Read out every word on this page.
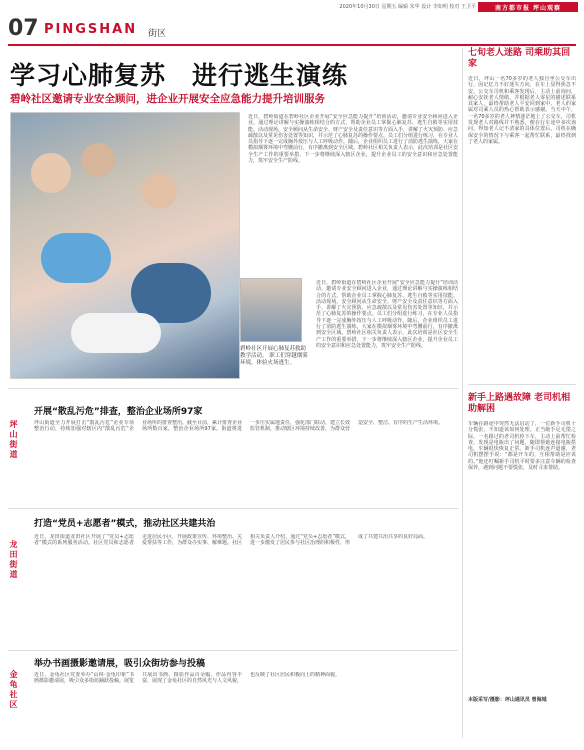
2020年10月30日 星期五 编辑 朱华 设计 李如明 校对 王卫平	南方都市报 坪山观察
07 PINGSHAN 街区
学习心肺复苏　进行逃生演练
碧岭社区邀请专业安全顾问，进企业开展安全应急能力提升培训服务
近日，碧岭街道在碧岭社区企业开展“安全应急能力提升”培训活动，邀请专业安全顾问进入企业，通过理论讲解与实操演练相结合的方式，帮助企业员工掌握心肺复苏、逃生自救等实用技能。活动现场，安全顾问从生命安全、财产安全及责任意识等方面入手，讲解了火灾预防、应急疏散以及常见伤害处置等知识，并示范了心肺复苏的操作要点。员工们分组进行练习，在专业人员指导下逐一完成胸外按压与人工呼吸动作。随后，企业组织员工进行了消防逃生演练，大家在模拟烟雾环境中弯腰前行，有序撤离到安全区域。碧岭社区相关负责人表示，此次培训是社区安全生产工作的重要举措，下一步将继续深入辖区企业，提升企业员工的安全意识和应急处置能力，筑牢安全生产防线。
近日，碧岭街道在碧岭社区企业开展“安全应急能力提升”培训活动，邀请专业安全顾问进入企业，通过理论讲解与实操演练相结合的方式，帮助企业员工掌握心肺复苏、逃生自救等实用技能。活动现场，安全顾问从生命安全、财产安全及责任意识等方面入手，讲解了火灾预防、应急疏散以及常见伤害处置等知识，并示范了心肺复苏的操作要点。员工们分组进行练习，在专业人员指导下逐一完成胸外按压与人工呼吸动作。随后，企业组织员工进行了消防逃生演练，大家在模拟烟雾环境中弯腰前行，有序撤离到安全区域。碧岭社区相关负责人表示，此次培训是社区安全生产工作的重要举措，下一步将继续深入辖区企业，提升企业员工的安全意识和应急处置能力，筑牢安全生产防线。
碧岭社区开展心肺复苏救助教学活动。 职工们穿越烟雾环境，体验火场逃生。
七旬老人迷路 司乘助其回家
近日，坪山一名70多岁的老人独自坐公交车出行，因记忆力不好迷失方向，在车上显得焦急不安。公交车司机和乘客发现后，主动上前询问，耐心安抚老人情绪，并根据老人零星的描述联系其家人，最终帮助老人平安回到家中。老人的家属对司乘人员的热心帮助表示感谢。当天中午，一名70多岁的老人神情迷茫地上了公交车，司机发现老人对路线并不熟悉，便在行车途中多次询问，得知老人记不清家的具体位置后，司机在确保安全的情况下与乘客一起帮忙联系，最终找到了老人的家属。
新手上路遇故障 老司机相助解困
车辆在路途中突然无法启动了，一位新手司机十分慌张，不知道该如何处理。正当她手足无措之际，一名路过的老司机停下车，主动上前帮忙检查，发现是电瓶出了问题，随即帮她连接电瓶搭电，车辆很快恢复正常。新手司机连声道谢，老司机摆摆手说：“都是开车的，互相帮助是应该的。”他还叮嘱新手司机平时要多注意车辆的检查保养，遇到问题不要慌张，及时寻求帮助。
本版采写/摄影：坪山通讯员 曾海城
坪山街道
开展“散乱污危”排查，整治企业场所97家
坪山街道全力开展打击“散乱污危”企业专项整治行动，持续加强对辖区内“散乱污危”企业场所的排查整治。截至目前，累计排查企业场所数百家，整治企业场所97家。街道将进一步压实属地责任，强化部门联动，建立长效监管机制，推动辖区环境持续改善，为群众营造安全、整洁、有序的生产生活环境。
龙田街道
打造“党员+志愿者”模式，推动社区共建共治
近日，龙田街道龙田社区开展了“党员+志愿者”模式的系列服务活动。社区党员和志愿者走进居民小区，开展政策宣传、环境整治、关爱帮扶等工作，为群众办实事、解难题。社区相关负责人介绍，通过“党员+志愿者”模式，进一步激发了居民参与社区治理的积极性，形成了共建共治共享的良好局面。
金龟社区
举办书画摄影邀请展，吸引众街坊参与投稿
近日，金龟社区党委举办“山林·金龟印象”书画摄影邀请展，吸引众多街坊踊跃投稿。展览共展出书画、摄影作品百余幅，作品内容丰富，展现了金龟社区的自然风光与人文风貌，也反映了社区居民积极向上的精神面貌。
